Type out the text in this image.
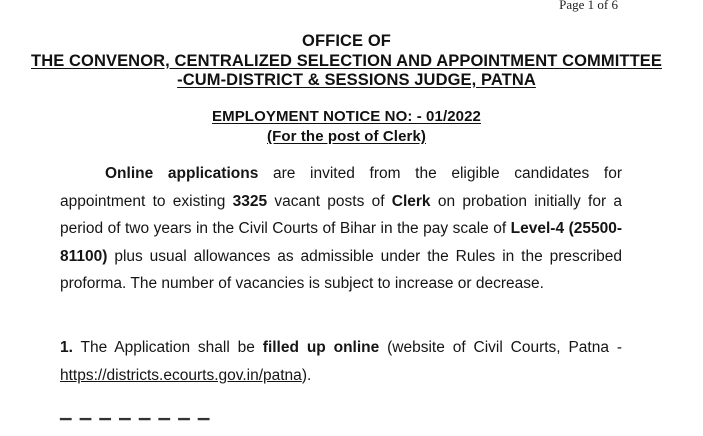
Page 1 of 6
OFFICE OF
THE CONVENOR, CENTRALIZED SELECTION AND APPOINTMENT COMMITTEE
-CUM-DISTRICT & SESSIONS JUDGE, PATNA
EMPLOYMENT NOTICE NO: - 01/2022
(For the post of Clerk)
Online applications are invited from the eligible candidates for appointment to existing 3325 vacant posts of Clerk on probation initially for a period of two years in the Civil Courts of Bihar in the pay scale of Level-4 (25500-81100) plus usual allowances as admissible under the Rules in the prescribed proforma. The number of vacancies is subject to increase or decrease.
1. The Application shall be filled up online (website of Civil Courts, Patna - https://districts.ecourts.gov.in/patna).
▔ ▔ ▔ ▔ ▔ ▔ ▔ ▔
